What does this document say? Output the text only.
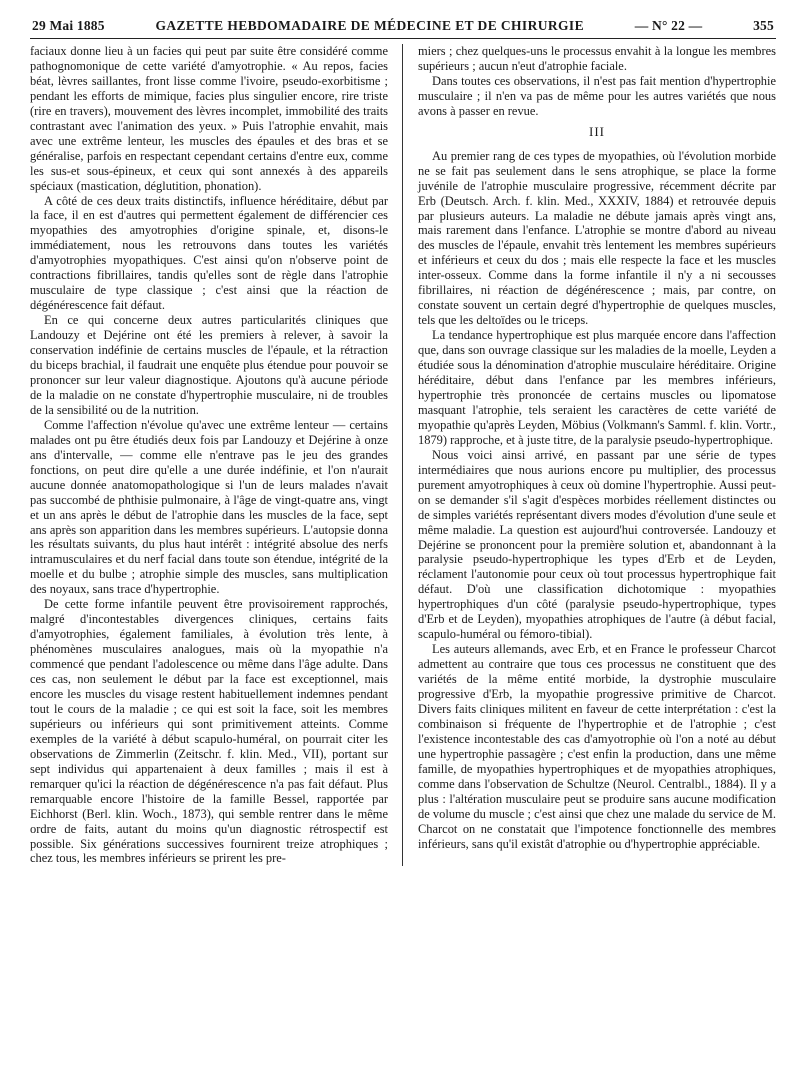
29 Mai 1885	GAZETTE HEBDOMADAIRE DE MÉDECINE ET DE CHIRURGIE	— N° 22 —	355

faciaux donne lieu à un facies qui peut par suite être considéré comme pathognomonique de cette variété d'amyotrophie. « Au repos, facies béat, lèvres saillantes, front lisse comme l'ivoire, pseudo-exorbitisme ; pendant les efforts de mimique, facies plus singulier encore, rire triste (rire en travers), mouvement des lèvres incomplet, immobilité des traits contrastant avec l'animation des yeux. » Puis l'atrophie envahit, mais avec une extrême lenteur, les muscles des épaules et des bras et se généralise, parfois en respectant cependant certains d'entre eux, comme les sus-et sous-épineux, et ceux qui sont annexés à des appareils spéciaux (mastication, déglutition, phonation).

A côté de ces deux traits distinctifs, influence héréditaire, début par la face, il en est d'autres qui permettent également de différencier ces myopathies des amyotrophies d'origine spinale, et, disons-le immédiatement, nous les retrouvons dans toutes les variétés d'amyotrophies myopathiques. C'est ainsi qu'on n'observe point de contractions fibrillaires, tandis qu'elles sont de règle dans l'atrophie musculaire de type classique ; c'est ainsi que la réaction de dégénérescence fait défaut.

En ce qui concerne deux autres particularités cliniques que Landouzy et Dejérine ont été les premiers à relever, à savoir la conservation indéfinie de certains muscles de l'épaule, et la rétraction du biceps brachial, il faudrait une enquête plus étendue pour pouvoir se prononcer sur leur valeur diagnostique. Ajoutons qu'à aucune période de la maladie on ne constate d'hypertrophie musculaire, ni de troubles de la sensibilité ou de la nutrition.

Comme l'affection n'évolue qu'avec une extrême lenteur — certains malades ont pu être étudiés deux fois par Landouzy et Dejérine à onze ans d'intervalle, — comme elle n'entrave pas le jeu des grandes fonctions, on peut dire qu'elle a une durée indéfinie, et l'on n'aurait aucune donnée anatomopathologique si l'un de leurs malades n'avait pas succombé de phthisie pulmonaire, à l'âge de vingt-quatre ans, vingt et un ans après le début de l'atrophie dans les muscles de la face, sept ans après son apparition dans les membres supérieurs. L'autopsie donna les résultats suivants, du plus haut intérêt : intégrité absolue des nerfs intramusculaires et du nerf facial dans toute son étendue, intégrité de la moelle et du bulbe ; atrophie simple des muscles, sans multiplication des noyaux, sans trace d'hypertrophie.

De cette forme infantile peuvent être provisoirement rapprochés, malgré d'incontestables divergences cliniques, certains faits d'amyotrophies, également familiales, à évolution très lente, à phénomènes musculaires analogues, mais où la myopathie n'a commencé que pendant l'adolescence ou même dans l'âge adulte. Dans ces cas, non seulement le début par la face est exceptionnel, mais encore les muscles du visage restent habituellement indemnes pendant tout le cours de la maladie ; ce qui est soit la face, soit les membres supérieurs ou inférieurs qui sont primitivement atteints. Comme exemples de la variété à début scapulo-huméral, on pourrait citer les observations de Zimmerlin (Zeitschr. f. klin. Med., VII), portant sur sept individus qui appartenaient à deux familles ; mais il est à remarquer qu'ici la réaction de dégénérescence n'a pas fait défaut. Plus remarquable encore l'histoire de la famille Bessel, rapportée par Eichhorst (Berl. klin. Woch., 1873), qui semble rentrer dans le même ordre de faits, autant du moins qu'un diagnostic rétrospectif est possible. Six générations successives fournirent treize atrophiques ; chez tous, les membres inférieurs se prirent les pre-

miers ; chez quelques-uns le processus envahit à la longue les membres supérieurs ; aucun n'eut d'atrophie faciale.

Dans toutes ces observations, il n'est pas fait mention d'hypertrophie musculaire ; il n'en va pas de même pour les autres variétés que nous avons à passer en revue.

III

Au premier rang de ces types de myopathies, où l'évolution morbide ne se fait pas seulement dans le sens atrophique, se place la forme juvénile de l'atrophie musculaire progressive, récemment décrite par Erb (Deutsch. Arch. f. klin. Med., XXXIV, 1884) et retrouvée depuis par plusieurs auteurs. La maladie ne débute jamais après vingt ans, mais rarement dans l'enfance. L'atrophie se montre d'abord au niveau des muscles de l'épaule, envahit très lentement les membres supérieurs et inférieurs et ceux du dos ; mais elle respecte la face et les muscles inter-osseux. Comme dans la forme infantile il n'y a ni secousses fibrillaires, ni réaction de dégénérescence ; mais, par contre, on constate souvent un certain degré d'hypertrophie de quelques muscles, tels que les deltoïdes ou le triceps.

La tendance hypertrophique est plus marquée encore dans l'affection que, dans son ouvrage classique sur les maladies de la moelle, Leyden a étudiée sous la dénomination d'atrophie musculaire héréditaire. Origine héréditaire, début dans l'enfance par les membres inférieurs, hypertrophie très prononcée de certains muscles ou lipomatose masquant l'atrophie, tels seraient les caractères de cette variété de myopathie qu'après Leyden, Möbius (Volkmann's Samml. f. klin. Vortr., 1879) rapproche, et à juste titre, de la paralysie pseudo-hypertrophique.

Nous voici ainsi arrivé, en passant par une série de types intermédiaires que nous aurions encore pu multiplier, des processus purement amyotrophiques à ceux où domine l'hypertrophie. Aussi peut-on se demander s'il s'agit d'espèces morbides réellement distinctes ou de simples variétés représentant divers modes d'évolution d'une seule et même maladie. La question est aujourd'hui controversée. Landouzy et Dejérine se prononcent pour la première solution et, abandonnant à la paralysie pseudo-hypertrophique les types d'Erb et de Leyden, réclament l'autonomie pour ceux où tout processus hypertrophique fait défaut. D'où une classification dichotomique : myopathies hypertrophiques d'un côté (paralysie pseudo-hypertrophique, types d'Erb et de Leyden), myopathies atrophiques de l'autre (à début facial, scapulo-huméral ou fémoro-tibial).

Les auteurs allemands, avec Erb, et en France le professeur Charcot admettent au contraire que tous ces processus ne constituent que des variétés de la même entité morbide, la dystrophie musculaire progressive d'Erb, la myopathie progressive primitive de Charcot. Divers faits cliniques militent en faveur de cette interprétation : c'est la combinaison si fréquente de l'hypertrophie et de l'atrophie ; c'est l'existence incontestable des cas d'amyotrophie où l'on a noté au début une hypertrophie passagère ; c'est enfin la production, dans une même famille, de myopathies hypertrophiques et de myopathies atrophiques, comme dans l'observation de Schultze (Neurol. Centralbl., 1884). Il y a plus : l'altération musculaire peut se produire sans aucune modification de volume du muscle ; c'est ainsi que chez une malade du service de M. Charcot on ne constatait que l'impotence fonctionnelle des membres inférieurs, sans qu'il existât d'atrophie ou d'hypertrophie appréciable.
